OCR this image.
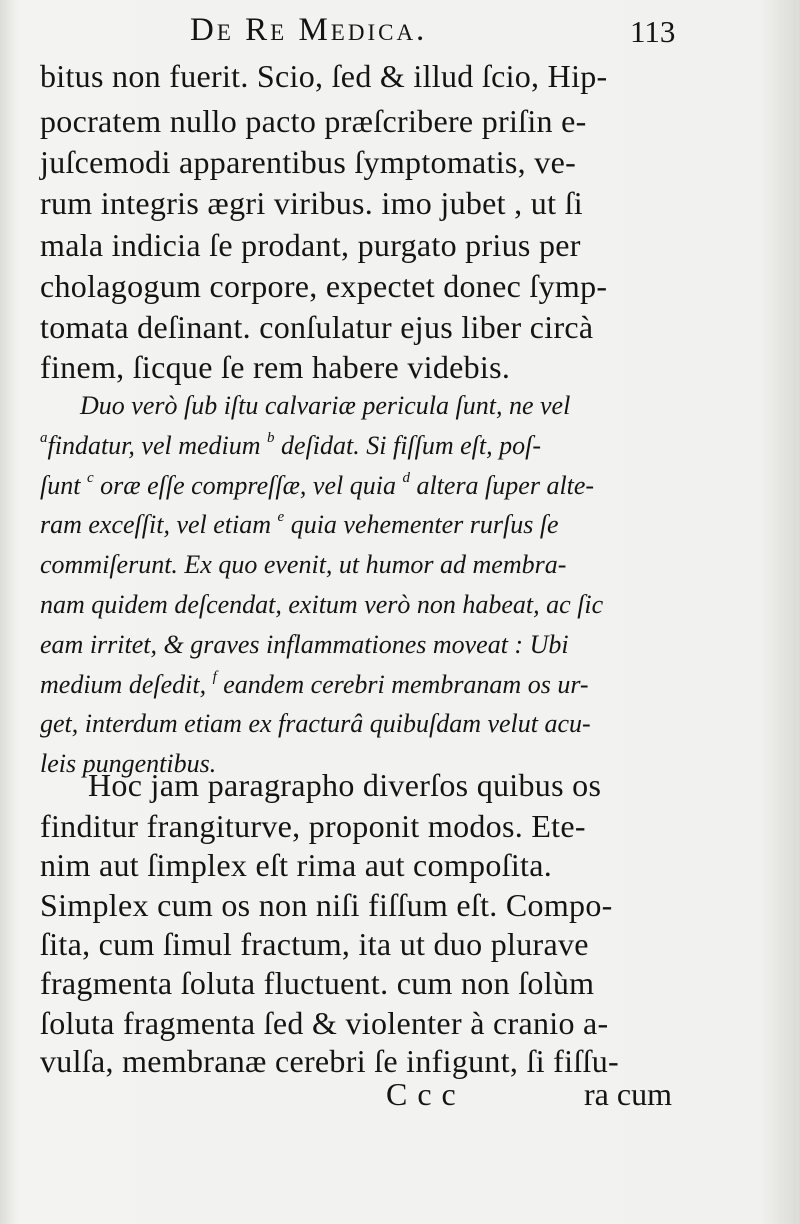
De Re Medica.	113
bitus non fuerit. Scio, ſed & illud ſcio, Hip-
pocratem nullo pacto præſcribere priſin e-
juſcemodi apparentibus ſymptomatis, ve-
rum integris ægri viribus. imo jubet , ut ſi
mala indicia ſe prodant, purgato prius per
cholagogum corpore, expectet donec ſymp-
tomata deſinant. conſulatur ejus liber circà
finem, ſicque ſe rem habere videbis.
Duo verò ſub iſtu calvariæ pericula ſunt, ne vel
$^a$findatur, vel medium $^b$ deſidat. Si fiſſum eſt, poſ-
ſunt $^c$ oræ eſſe compreſſæ, vel quia $^d$ altera ſuper alte-
ram exceſſit, vel etiam $^e$ quia vehementer rurſus ſe
commiſerunt. Ex quo evenit, ut humor ad membra-
nam quidem deſcendat, exitum verò non habeat, ac ſic
eam irritet, & graves inflammationes moveat : Ubi
medium deſedit, $^f$ eandem cerebri membranam os ur-
get, interdum etiam ex fracturâ quibuſdam velut acu-
leis pungentibus.
Hoc jam paragrapho diverſos quibus os
finditur frangiturve, proponit modos. Ete-
nim aut ſimplex eſt rima aut compoſita.
Simplex cum os non niſi fiſſum eſt. Compo-
ſita, cum ſimul fractum, ita ut duo plurave
fragmenta ſoluta fluctuent. cum non ſolùm
ſoluta fragmenta ſed & violenter à cranio a-
vulſa, membranæ cerebri ſe infigunt, ſi fiſſu-
Ccc	ra cum
